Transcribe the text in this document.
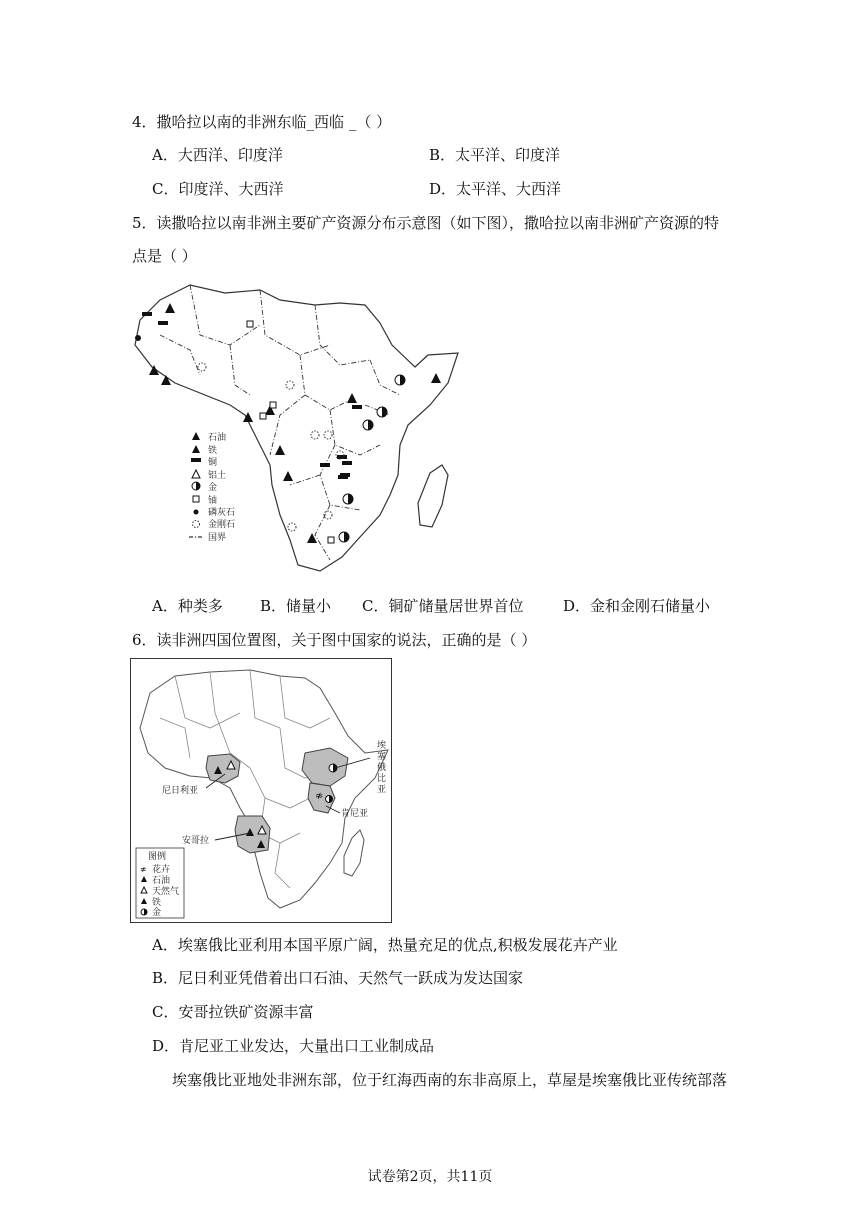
4．撒哈拉以南的非洲东临_西临 _（ ）
A．大西洋、印度洋	B．太平洋、印度洋
C．印度洋、大西洋	D．太平洋、大西洋
5．读撒哈拉以南非洲主要矿产资源分布示意图（如下图），撒哈拉以南非洲矿产资源的特
点是（ ）
石油
铁
铜
铝土
金
铀
磷灰石
金刚石
国界
A．种类多 B．储量小 C．铜矿储量居世界首位	D．金和金刚石储量小
6．读非洲四国位置图，关于图中国家的说法，正确的是（ ）
≉
尼日利亚
肯尼亚
安哥拉
埃
塞
俄
比
亚
图例
≉ 花卉
石油
天然气
铁
金
A．埃塞俄比亚利用本国平原广阔，热量充足的优点,积极发展花卉产业
B．尼日利亚凭借着出口石油、天然气一跃成为发达国家
C．安哥拉铁矿资源丰富
D．肯尼亚工业发达，大量出口工业制成品
埃塞俄比亚地处非洲东部，位于红海西南的东非高原上，草屋是埃塞俄比亚传统部落
试卷第2页，共11页
